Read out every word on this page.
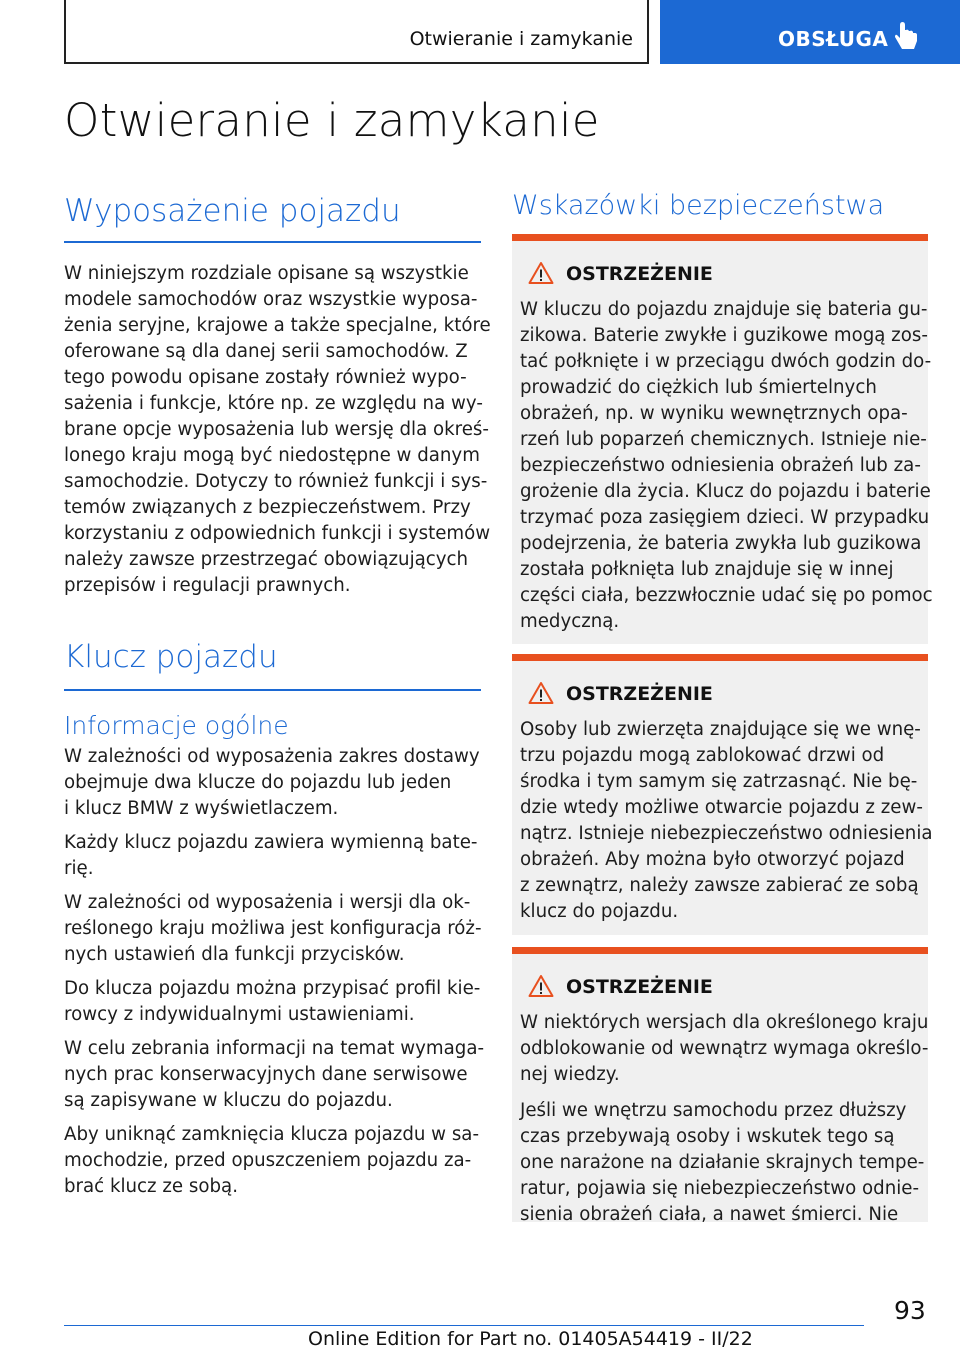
Otwieranie i zamykanie	OBSŁUGA
Otwieranie i zamykanie
Wyposażenie pojazdu

W niniejszym rozdziale opisane są wszystkie
modele samochodów oraz wszystkie wyposa-
żenia seryjne, krajowe a także specjalne, które
oferowane są dla danej serii samochodów. Z
tego powodu opisane zostały również wypo-
sażenia i funkcje, które np. ze względu na wy-
brane opcje wyposażenia lub wersję dla okreś-
lonego kraju mogą być niedostępne w danym
samochodzie. Dotyczy to również funkcji i sys-
temów związanych z bezpieczeństwem. Przy
korzystaniu z odpowiednich funkcji i systemów
należy zawsze przestrzegać obowiązujących
przepisów i regulacji prawnych.

Klucz pojazdu
Informacje ogólne

W zależności od wyposażenia zakres dostawy
obejmuje dwa klucze do pojazdu lub jeden
i klucz BMW z wyświetlaczem.

Każdy klucz pojazdu zawiera wymienną bate-
rię.

W zależności od wyposażenia i wersji dla ok-
reślonego kraju możliwa jest konfiguracja róż-
nych ustawień dla funkcji przycisków.

Do klucza pojazdu można przypisać profil kie-
rowcy z indywidualnymi ustawieniami.

W celu zebrania informacji na temat wymaga-
nych prac konserwacyjnych dane serwisowe
są zapisywane w kluczu do pojazdu.

Aby uniknąć zamknięcia klucza pojazdu w sa-
mochodzie, przed opuszczeniem pojazdu za-
brać klucz ze sobą.

Wskazówki bezpieczeństwa
OSTRZEŻENIE

W kluczu do pojazdu znajduje się bateria gu-
zikowa. Baterie zwykłe i guzikowe mogą zos-
tać połknięte i w przeciągu dwóch godzin do-
prowadzić do ciężkich lub śmiertelnych
obrażeń, np. w wyniku wewnętrznych opa-
rzeń lub poparzeń chemicznych. Istnieje nie-
bezpieczeństwo odniesienia obrażeń lub za-
grożenie dla życia. Klucz do pojazdu i baterie
trzymać poza zasięgiem dzieci. W przypadku
podejrzenia, że bateria zwykła lub guzikowa
została połknięta lub znajduje się w innej
części ciała, bezzwłocznie udać się po pomoc
medyczną.

OSTRZEŻENIE

Osoby lub zwierzęta znajdujące się we wnę-
trzu pojazdu mogą zablokować drzwi od
środka i tym samym się zatrzasnąć. Nie bę-
dzie wtedy możliwe otwarcie pojazdu z zew-
nątrz. Istnieje niebezpieczeństwo odniesienia
obrażeń. Aby można było otworzyć pojazd
z zewnątrz, należy zawsze zabierać ze sobą
klucz do pojazdu.

OSTRZEŻENIE

W niektórych wersjach dla określonego kraju
odblokowanie od wewnątrz wymaga określo-
nej wiedzy.

Jeśli we wnętrzu samochodu przez dłuższy
czas przebywają osoby i wskutek tego są
one narażone na działanie skrajnych tempe-
ratur, pojawia się niebezpieczeństwo odnie-
sienia obrażeń ciała, a nawet śmierci. Nie

93
Online Edition for Part no. 01405A54419 - II/22
